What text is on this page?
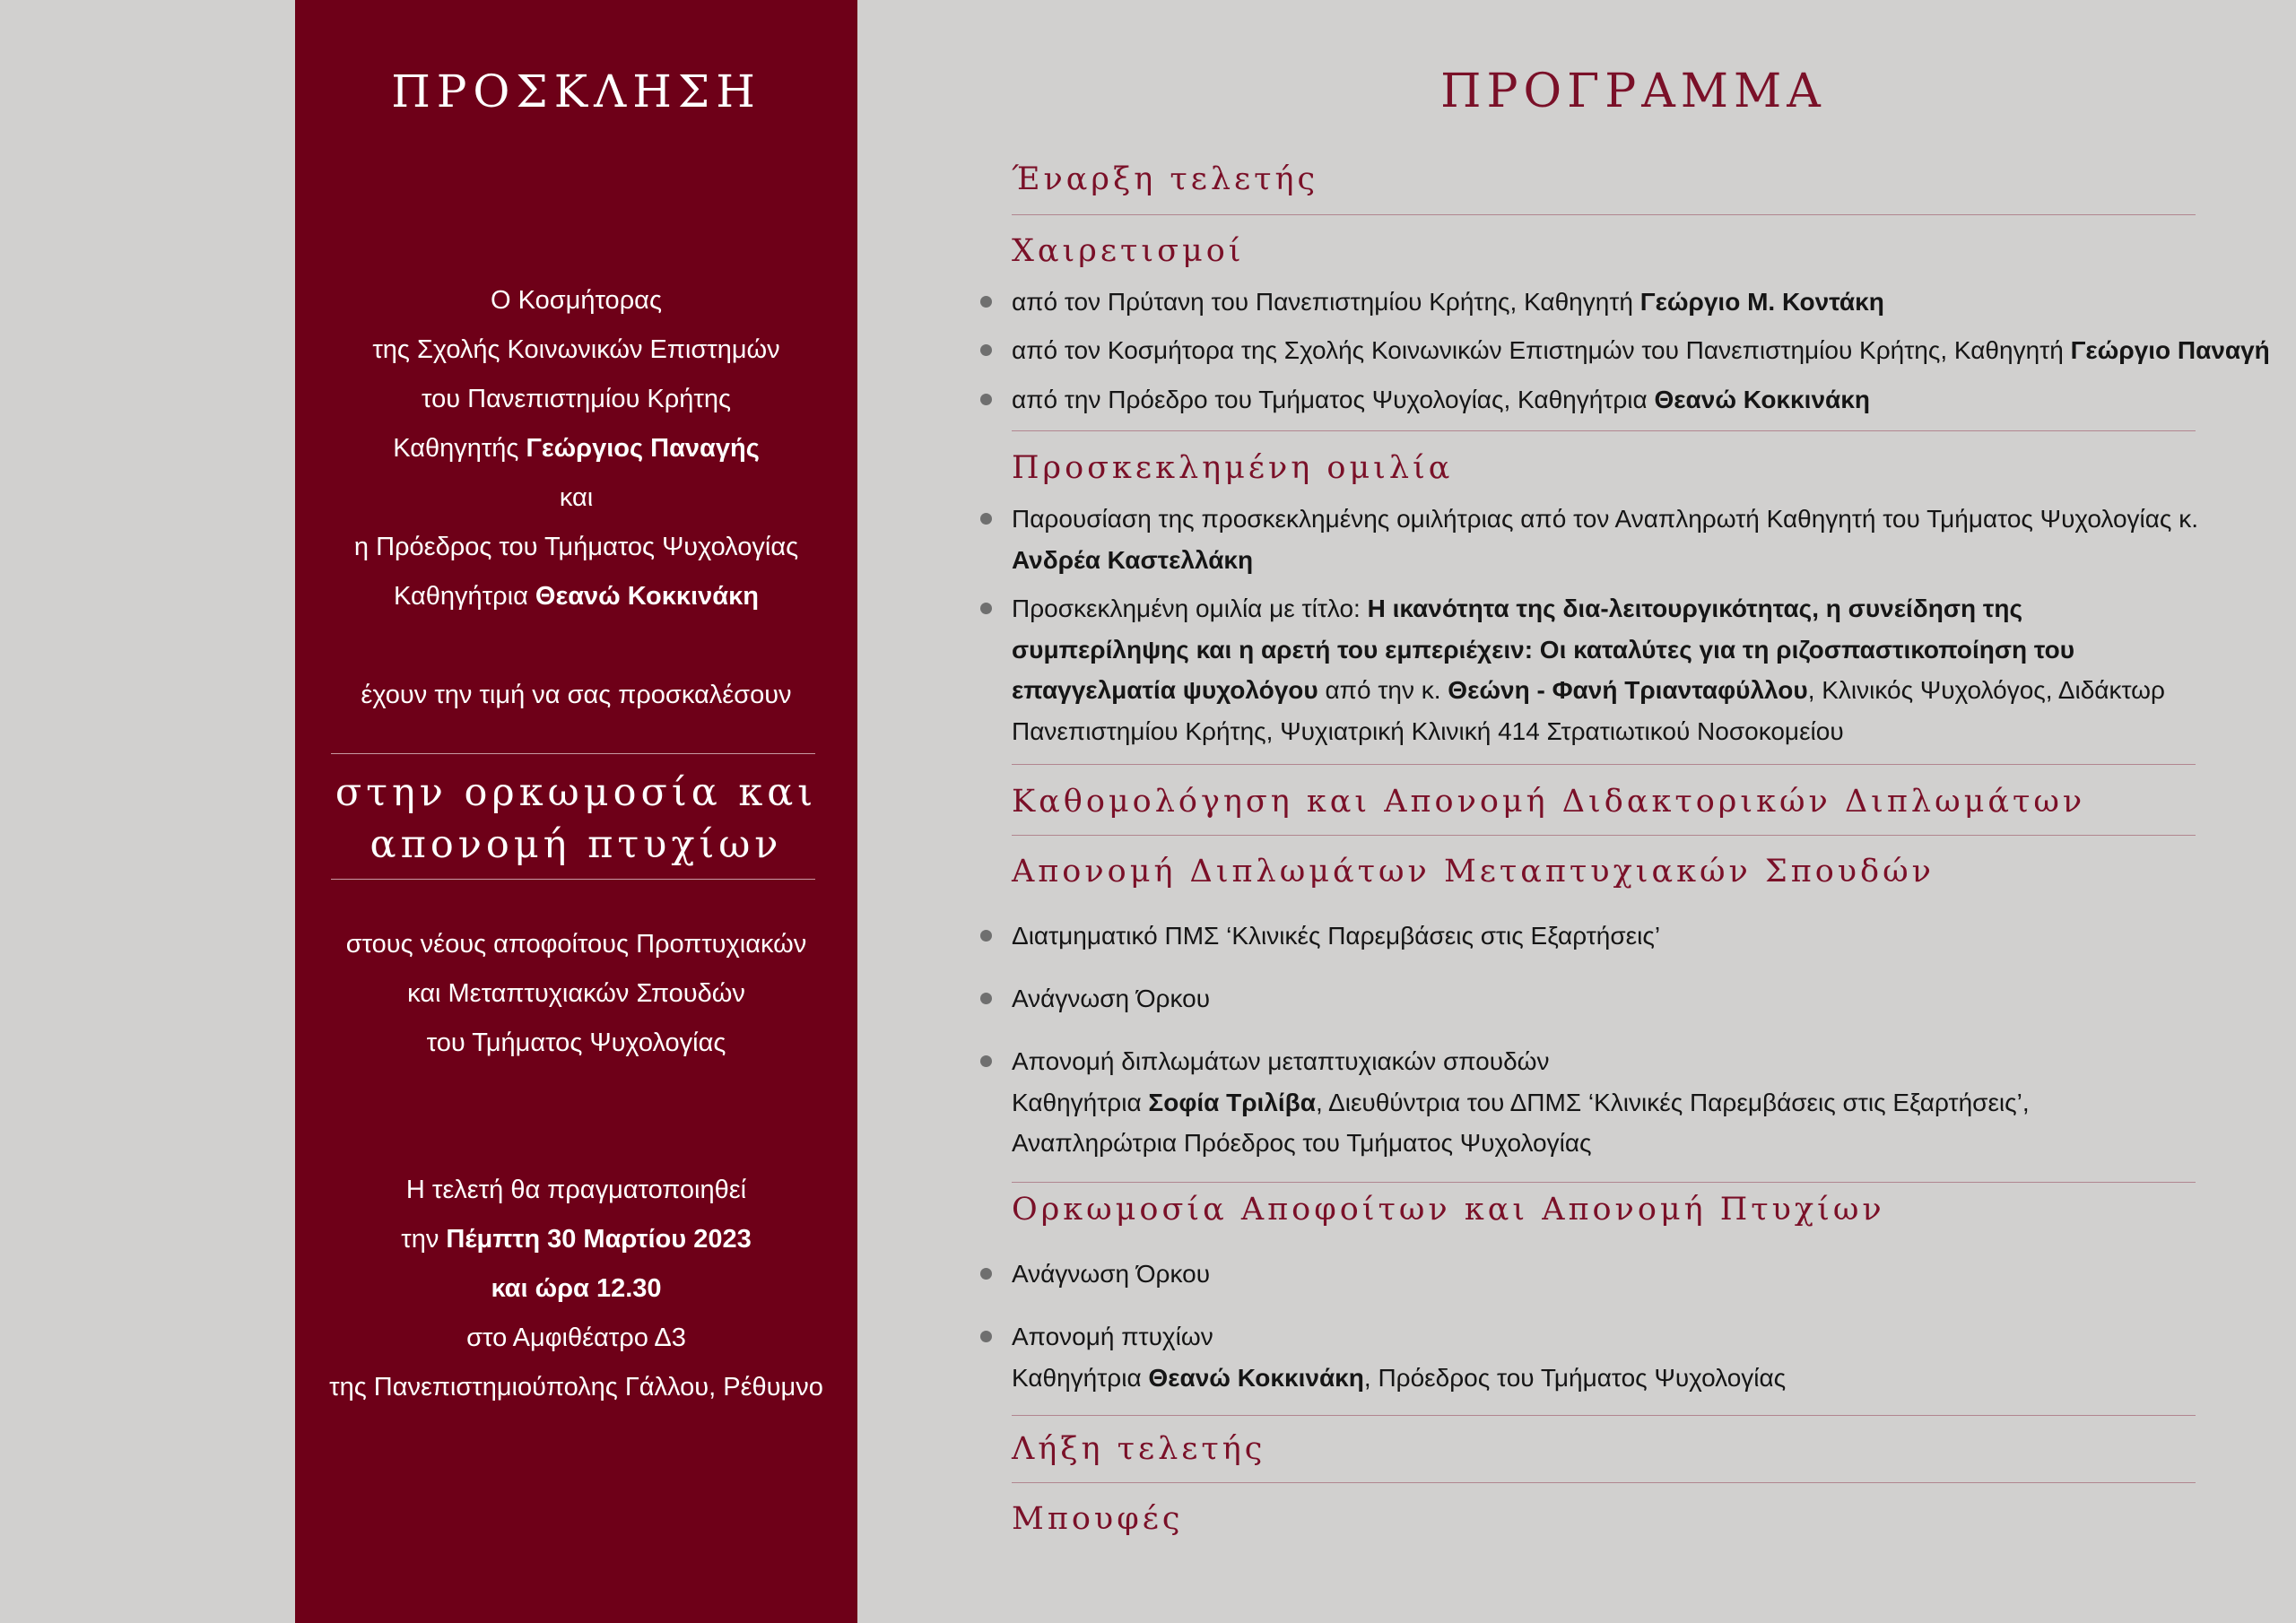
ΠΡΟΣΚΛΗΣΗ
Ο Κοσμήτορας
της Σχολής Κοινωνικών Επιστημών
του Πανεπιστημίου Κρήτης
Καθηγητής Γεώργιος Παναγής
και
η Πρόεδρος του Τμήματος Ψυχολογίας
Καθηγήτρια Θεανώ Κοκκινάκη
έχουν την τιμή να σας προσκαλέσουν
στην ορκωμοσία και
απονομή πτυχίων
στους νέους αποφοίτους Προπτυχιακών
και Μεταπτυχιακών Σπουδών
του Τμήματος Ψυχολογίας
Η τελετή θα πραγματοποιηθεί
την Πέμπτη 30 Μαρτίου 2023
και ώρα 12.30
στο Αμφιθέατρο Δ3
της Πανεπιστημιούπολης Γάλλου, Ρέθυμνο
ΠΡΟΓΡΑΜΜΑ
Έναρξη τελετής
Χαιρετισμοί
από τον Πρύτανη του Πανεπιστημίου Κρήτης, Καθηγητή Γεώργιο Μ. Κοντάκη
από τον Κοσμήτορα της Σχολής Κοινωνικών Επιστημών του Πανεπιστημίου Κρήτης, Καθηγητή Γεώργιο Παναγή
από την Πρόεδρο του Τμήματος Ψυχολογίας, Καθηγήτρια Θεανώ Κοκκινάκη
Προσκεκλημένη ομιλία
Παρουσίαση της προσκεκλημένης ομιλήτριας από τον Αναπληρωτή Καθηγητή του Τμήματος Ψυχολογίας κ. Ανδρέα Καστελλάκη
Προσκεκλημένη ομιλία με τίτλο: Η ικανότητα της δια-λειτουργικότητας, η συνείδηση της συμπερίληψης και η αρετή του εμπεριέχειν: Οι καταλύτες για τη ριζοσπαστικοποίηση του επαγγελματία ψυχολόγου από την κ. Θεώνη - Φανή Τριανταφύλλου, Κλινικός Ψυχολόγος, Διδάκτωρ Πανεπιστημίου Κρήτης, Ψυχιατρική Κλινική 414 Στρατιωτικού Νοσοκομείου
Καθομολόγηση και Απονομή Διδακτορικών Διπλωμάτων
Απονομή Διπλωμάτων Μεταπτυχιακών Σπουδών
Διατμηματικό ΠΜΣ ‘Κλινικές Παρεμβάσεις στις Εξαρτήσεις’
Ανάγνωση Όρκου
Απονομή διπλωμάτων μεταπτυχιακών σπουδών
Καθηγήτρια Σοφία Τριλίβα, Διευθύντρια του ΔΠΜΣ ‘Κλινικές Παρεμβάσεις στις Εξαρτήσεις’,
Αναπληρώτρια Πρόεδρος του Τμήματος Ψυχολογίας
Ορκωμοσία Αποφοίτων και Απονομή Πτυχίων
Ανάγνωση Όρκου
Απονομή πτυχίων
Καθηγήτρια Θεανώ Κοκκινάκη, Πρόεδρος του Τμήματος Ψυχολογίας
Λήξη τελετής
Μπουφές
